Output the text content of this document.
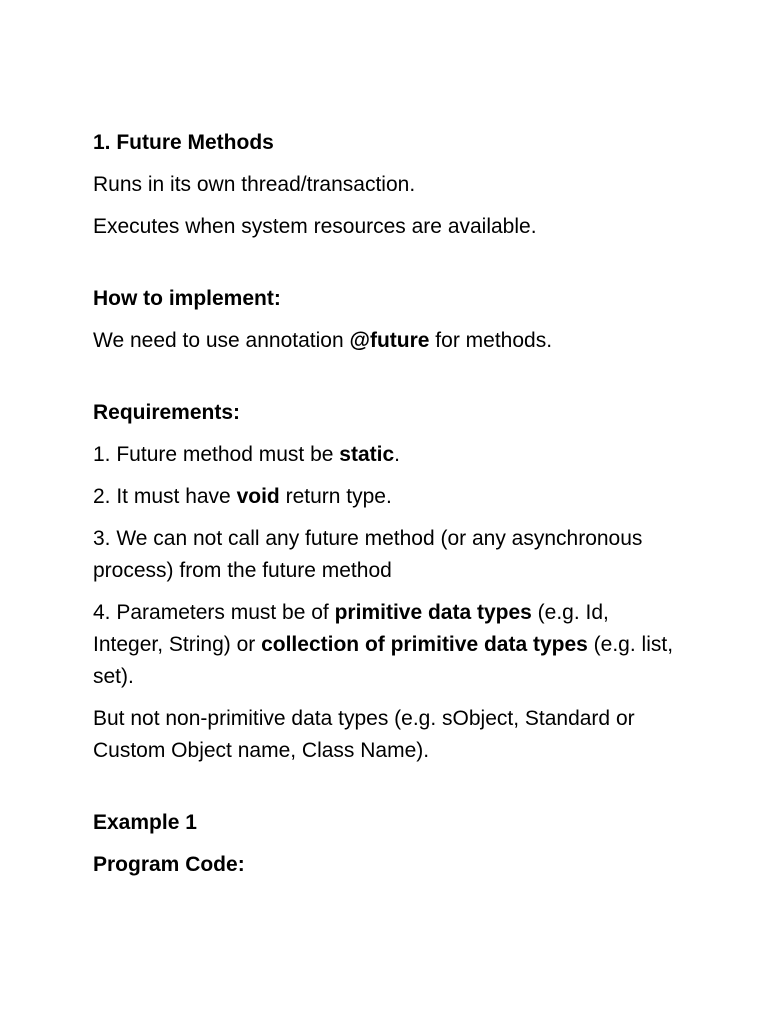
1. Future Methods
Runs in its own thread/transaction.
Executes when system resources are available.
How to implement:
We need to use annotation @future for methods.
Requirements:
1. Future method must be static.
2. It must have void return type.
3. We can not call any future method (or any asynchronous process) from the future method
4. Parameters must be of primitive data types (e.g. Id, Integer, String) or collection of primitive data types (e.g. list, set).
But not non-primitive data types (e.g. sObject, Standard or Custom Object name, Class Name).
Example 1
Program Code:
